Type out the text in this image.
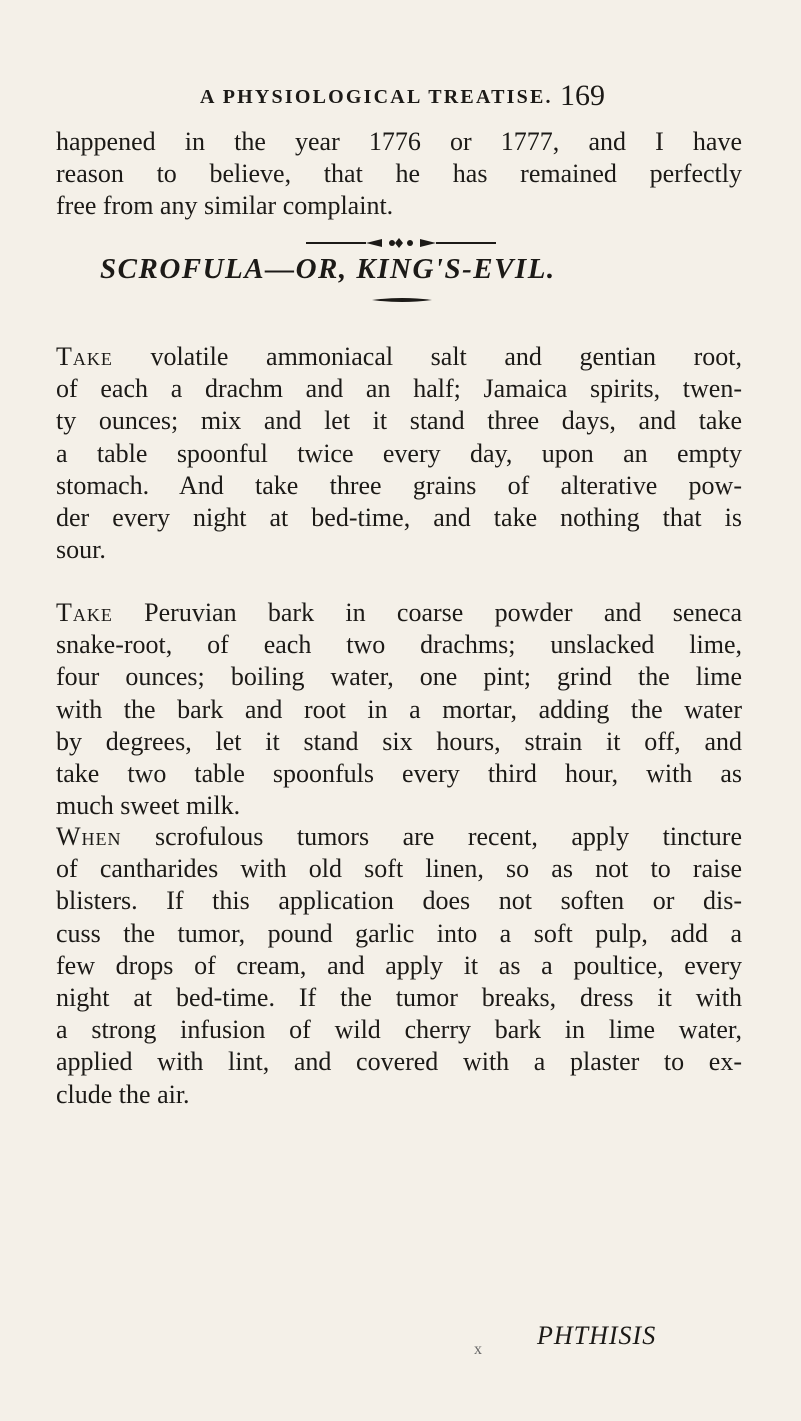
A PHYSIOLOGICAL TREATISE. 169

happened in the year 1776 or 1777, and I have
reason to believe, that he has remained perfectly
free from any similar complaint.

SCROFULA—OR, KING'S-EVIL.

Take volatile ammoniacal salt and gentian root,
of each a drachm and an half; Jamaica spirits, twen-
ty ounces; mix and let it stand three days, and take
a table spoonful twice every day, upon an empty
stomach. And take three grains of alterative pow-
der every night at bed-time, and take nothing that is
sour.

Take Peruvian bark in coarse powder and seneca
snake-root, of each two drachms; unslacked lime,
four ounces; boiling water, one pint; grind the lime
with the bark and root in a mortar, adding the water
by degrees, let it stand six hours, strain it off, and
take two table spoonfuls every third hour, with as
much sweet milk.

When scrofulous tumors are recent, apply tincture
of cantharides with old soft linen, so as not to raise
blisters. If this application does not soften or dis-
cuss the tumor, pound garlic into a soft pulp, add a
few drops of cream, and apply it as a poultice, every
night at bed-time. If the tumor breaks, dress it with
a strong infusion of wild cherry bark in lime water,
applied with lint, and covered with a plaster to ex-
clude the air.

x PHTHISIS
